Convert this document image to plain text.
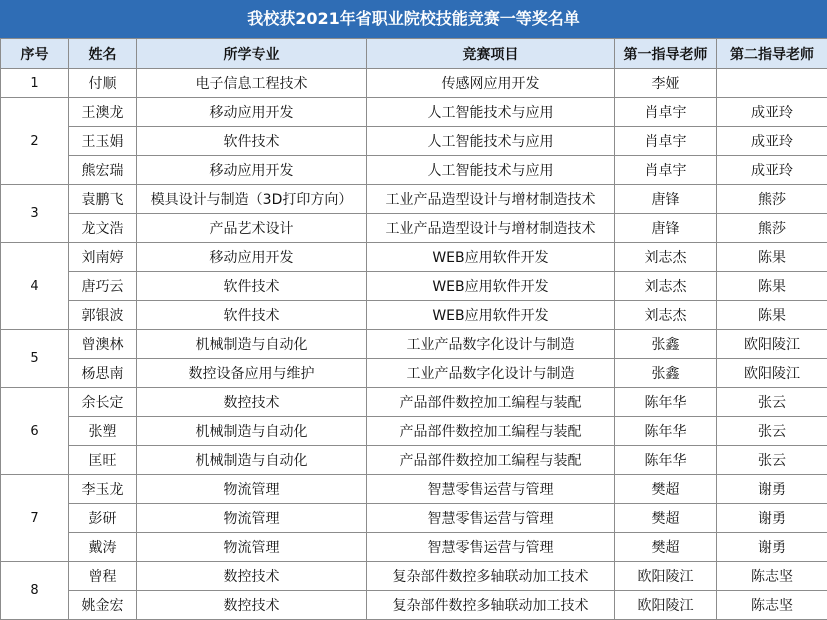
我校获2021年省职业院校技能竞赛一等奖名单
序号	姓名	所学专业	竞赛项目	第一指导老师	第二指导老师
1	付顺	电子信息工程技术	传感网应用开发	李娅	
2	王澳龙	移动应用开发	人工智能技术与应用	肖卓宇	成亚玲
	王玉娟	软件技术	人工智能技术与应用	肖卓宇	成亚玲
	熊宏瑞	移动应用开发	人工智能技术与应用	肖卓宇	成亚玲
3	袁鹏飞	模具设计与制造（3D打印方向）	工业产品造型设计与增材制造技术	唐锋	熊莎
	龙文浩	产品艺术设计	工业产品造型设计与增材制造技术	唐锋	熊莎
4	刘南婷	移动应用开发	WEB应用软件开发	刘志杰	陈果
	唐巧云	软件技术	WEB应用软件开发	刘志杰	陈果
	郭银波	软件技术	WEB应用软件开发	刘志杰	陈果
5	曾澳林	机械制造与自动化	工业产品数字化设计与制造	张鑫	欧阳陵江
	杨思南	数控设备应用与维护	工业产品数字化设计与制造	张鑫	欧阳陵江
6	余长定	数控技术	产品部件数控加工编程与装配	陈年华	张云
	张塑	机械制造与自动化	产品部件数控加工编程与装配	陈年华	张云
	匡旺	机械制造与自动化	产品部件数控加工编程与装配	陈年华	张云
7	李玉龙	物流管理	智慧零售运营与管理	樊超	谢勇
	彭研	物流管理	智慧零售运营与管理	樊超	谢勇
	戴涛	物流管理	智慧零售运营与管理	樊超	谢勇
8	曾程	数控技术	复杂部件数控多轴联动加工技术	欧阳陵江	陈志坚
	姚金宏	数控技术	复杂部件数控多轴联动加工技术	欧阳陵江	陈志坚
